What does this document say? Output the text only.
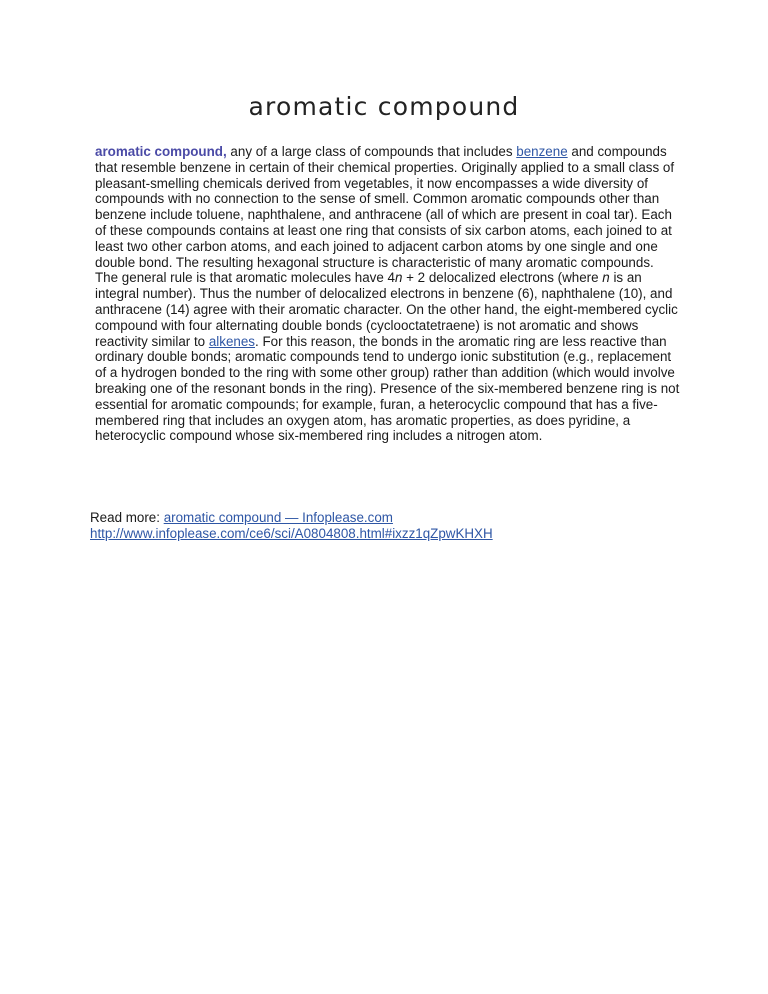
aromatic compound

aromatic compound, any of a large class of compounds that includes benzene and compounds that resemble benzene in certain of their chemical properties. Originally applied to a small class of pleasant-smelling chemicals derived from vegetables, it now encompasses a wide diversity of compounds with no connection to the sense of smell. Common aromatic compounds other than benzene include toluene, naphthalene, and anthracene (all of which are present in coal tar). Each of these compounds contains at least one ring that consists of six carbon atoms, each joined to at least two other carbon atoms, and each joined to adjacent carbon atoms by one single and one double bond. The resulting hexagonal structure is characteristic of many aromatic compounds. The general rule is that aromatic molecules have 4n + 2 delocalized electrons (where n is an integral number). Thus the number of delocalized electrons in benzene (6), naphthalene (10), and anthracene (14) agree with their aromatic character. On the other hand, the eight-membered cyclic compound with four alternating double bonds (cyclooctatetraene) is not aromatic and shows reactivity similar to alkenes. For this reason, the bonds in the aromatic ring are less reactive than ordinary double bonds; aromatic compounds tend to undergo ionic substitution (e.g., replacement of a hydrogen bonded to the ring with some other group) rather than addition (which would involve breaking one of the resonant bonds in the ring). Presence of the six-membered benzene ring is not essential for aromatic compounds; for example, furan, a heterocyclic compound that has a five-membered ring that includes an oxygen atom, has aromatic properties, as does pyridine, a heterocyclic compound whose six-membered ring includes a nitrogen atom.

Read more: aromatic compound — Infoplease.com
http://www.infoplease.com/ce6/sci/A0804808.html#ixzz1qZpwKHXH
